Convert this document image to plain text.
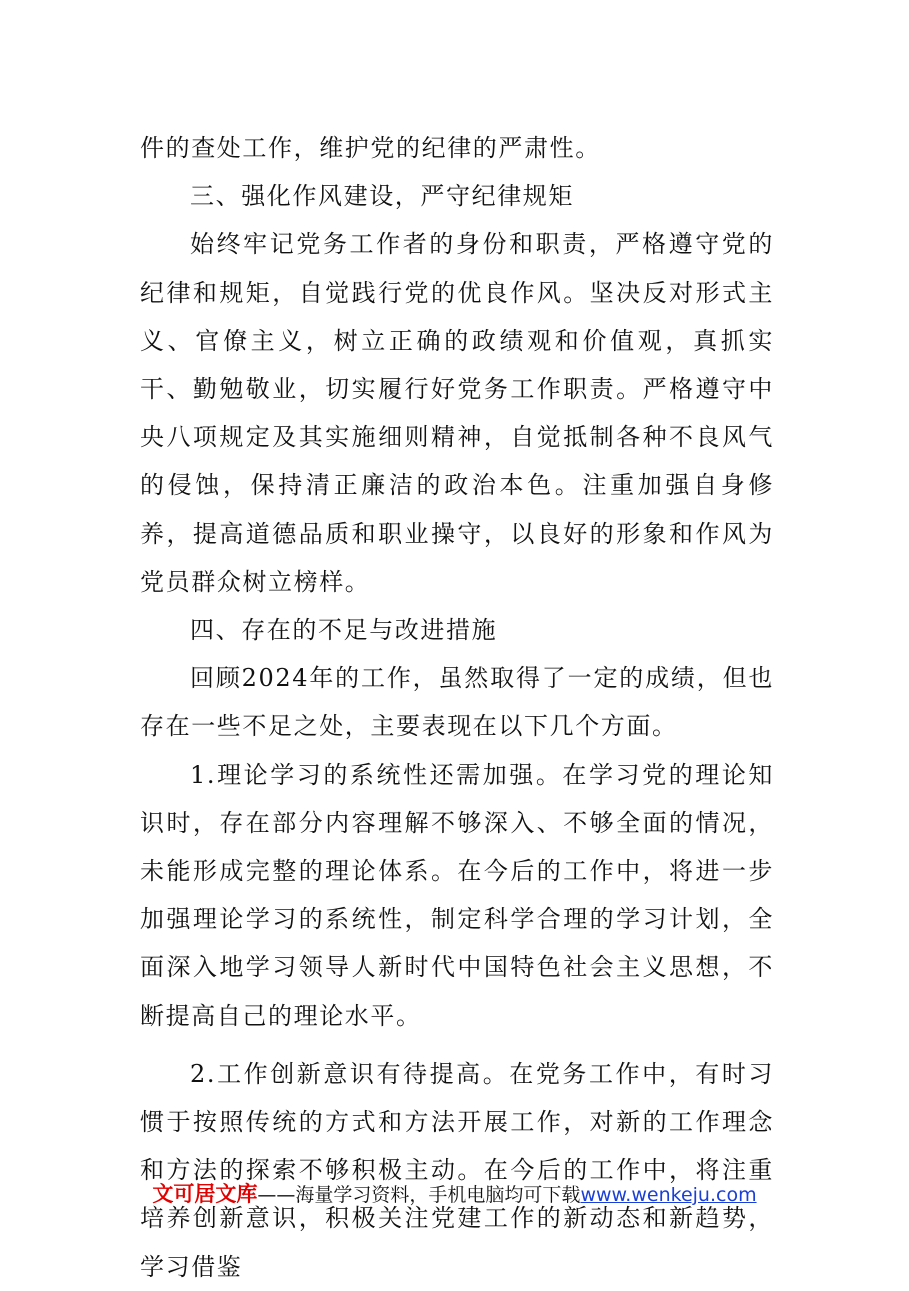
件的查处工作，维护党的纪律的严肃性。

三、强化作风建设，严守纪律规矩

始终牢记党务工作者的身份和职责，严格遵守党的纪律和规矩，自觉践行党的优良作风。坚决反对形式主义、官僚主义，树立正确的政绩观和价值观，真抓实干、勤勉敬业，切实履行好党务工作职责。严格遵守中央八项规定及其实施细则精神，自觉抵制各种不良风气的侵蚀，保持清正廉洁的政治本色。注重加强自身修养，提高道德品质和职业操守，以良好的形象和作风为党员群众树立榜样。

四、存在的不足与改进措施

回顾2024年的工作，虽然取得了一定的成绩，但也存在一些不足之处，主要表现在以下几个方面。

1.理论学习的系统性还需加强。在学习党的理论知识时，存在部分内容理解不够深入、不够全面的情况，未能形成完整的理论体系。在今后的工作中，将进一步加强理论学习的系统性，制定科学合理的学习计划，全面深入地学习领导人新时代中国特色社会主义思想，不断提高自己的理论水平。

2.工作创新意识有待提高。在党务工作中，有时习惯于按照传统的方式和方法开展工作，对新的工作理念和方法的探索不够积极主动。在今后的工作中，将注重培养创新意识，积极关注党建工作的新动态和新趋势，学习借鉴

文可居文库——海量学习资料，手机电脑均可下载www.wenkeju.com
